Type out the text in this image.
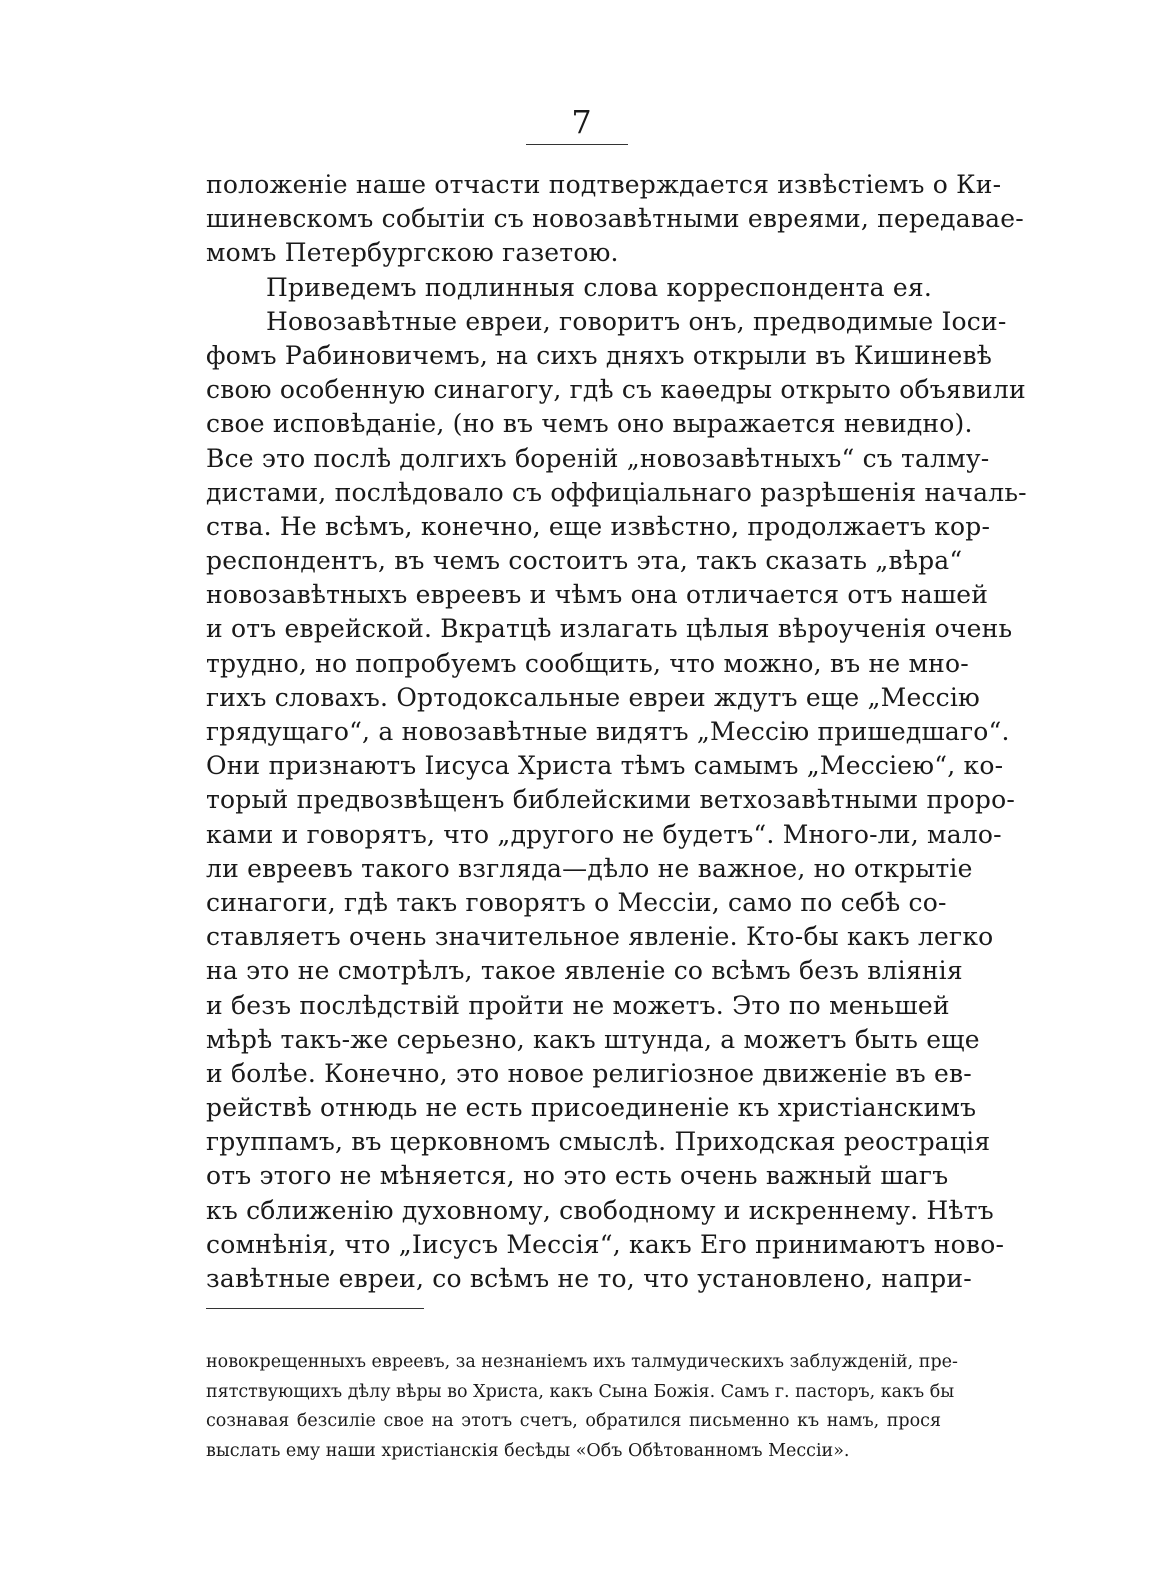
7
положеніе наше отчасти подтверждается извѣстіемъ о Ки-
шиневскомъ событіи съ новозавѣтными евреями, передавае-
момъ Петербургскою газетою.
Приведемъ подлинныя слова корреспондента ея.
Новозавѣтные евреи, говоритъ онъ, предводимые Іоси-
фомъ Рабиновичемъ, на сихъ дняхъ открыли въ Кишиневѣ
свою особенную синагогу, гдѣ съ каѳедры открыто объявили
свое исповѣданіе, (но въ чемъ оно выражается невидно).
Все это послѣ долгихъ бореній „новозавѣтныхъ“ съ талму-
дистами, послѣдовало съ оффиціальнаго разрѣшенія началь-
ства. Не всѣмъ, конечно, еще извѣстно, продолжаетъ кор-
респондентъ, въ чемъ состоитъ эта, такъ сказать „вѣра“
новозавѣтныхъ евреевъ и чѣмъ она отличается отъ нашей
и отъ еврейской. Вкратцѣ излагать цѣлыя вѣроученія очень
трудно, но попробуемъ сообщить, что можно, въ не мно-
гихъ словахъ. Ортодоксальные евреи ждутъ еще „Мессію
грядущаго“, а новозавѣтные видятъ „Мессію пришедшаго“.
Они признаютъ Іисуса Христа тѣмъ самымъ „Мессіею“, ко-
торый предвозвѣщенъ библейскими ветхозавѣтными проро-
ками и говорятъ, что „другого не будетъ“. Много-ли, мало-
ли евреевъ такого взгляда—дѣло не важное, но открытіе
синагоги, гдѣ такъ говорятъ о Мессіи, само по себѣ со-
ставляетъ очень значительное явленіе. Кто-бы какъ легко
на это не смотрѣлъ, такое явленіе со всѣмъ безъ вліянія
и безъ послѣдствій пройти не можетъ. Это по меньшей
мѣрѣ такъ-же серьезно, какъ штунда, а можетъ быть еще
и болѣе. Конечно, это новое религіозное движеніе въ ев-
рействѣ отнюдь не есть присоединеніе къ христіанскимъ
группамъ, въ церковномъ смыслѣ. Приходская реострація
отъ этого не мѣняется, но это есть очень важный шагъ
къ сближенію духовному, свободному и искреннему. Нѣтъ
сомнѣнія, что „Іисусъ Мессія“, какъ Его принимаютъ ново-
завѣтные евреи, со всѣмъ не то, что установлено, напри-
новокрещенныхъ евреевъ, за незнаніемъ ихъ талмудическихъ заблужденій, пре-
пятствующихъ дѣлу вѣры во Христа, какъ Сына Божія. Самъ г. пасторъ, какъ бы
сознавая безсиліе свое на этотъ счетъ, обратился письменно къ намъ, прося
выслать ему наши христіанскія бесѣды «Объ Обѣтованномъ Мессіи».
